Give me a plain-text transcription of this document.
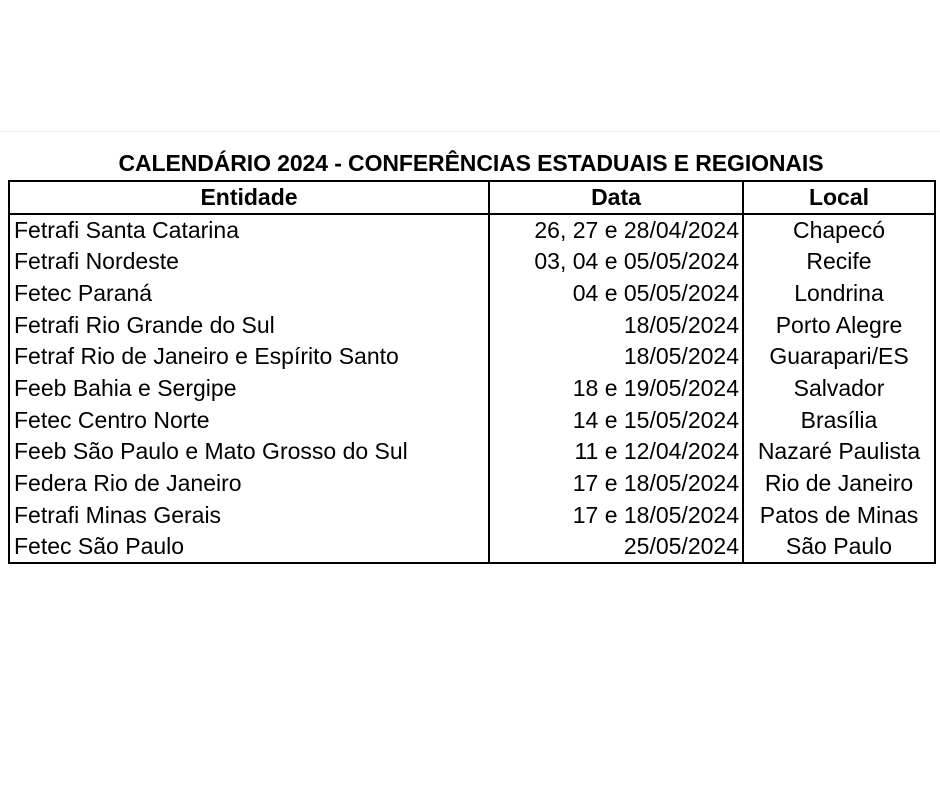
CALENDÁRIO 2024 - CONFERÊNCIAS ESTADUAIS E REGIONAIS
Entidade	Data	Local
Fetrafi Santa Catarina	26, 27 e 28/04/2024	Chapecó
Fetrafi Nordeste	03, 04 e 05/05/2024	Recife
Fetec Paraná	04 e 05/05/2024	Londrina
Fetrafi Rio Grande do Sul	18/05/2024	Porto Alegre
Fetraf Rio de Janeiro e Espírito Santo	18/05/2024	Guarapari/ES
Feeb Bahia e Sergipe	18 e 19/05/2024	Salvador
Fetec Centro Norte	14 e 15/05/2024	Brasília
Feeb São Paulo e Mato Grosso do Sul	11 e 12/04/2024	Nazaré Paulista
Federa Rio de Janeiro	17 e 18/05/2024	Rio de Janeiro
Fetrafi Minas Gerais	17 e 18/05/2024	Patos de Minas
Fetec São Paulo	25/05/2024	São Paulo
